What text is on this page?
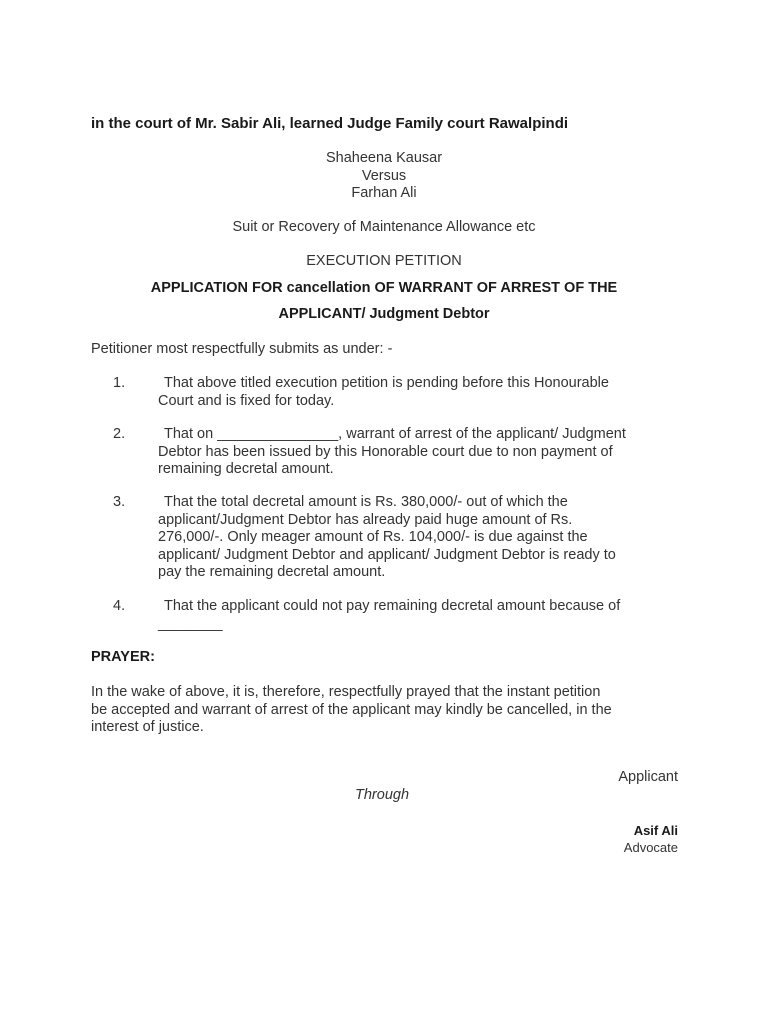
in the court of Mr. Sabir Ali, learned Judge Family court Rawalpindi
Shaheena Kausar
Versus
Farhan Ali
Suit or Recovery of Maintenance Allowance etc
EXECUTION PETITION
APPLICATION FOR cancellation OF WARRANT OF ARREST OF THE
APPLICANT/ Judgment Debtor
Petitioner most respectfully submits as under: -
1.	That above titled execution petition is pending before this Honourable
Court and is fixed for today.
2.	That on _______________, warrant of arrest of the applicant/ Judgment
Debtor has been issued by this Honorable court due to non payment of
remaining decretal amount.
3.	That the total decretal amount is Rs. 380,000/- out of which the
applicant/Judgment Debtor has already paid huge amount of Rs.
276,000/-. Only meager amount of Rs. 104,000/- is due against the
applicant/ Judgment Debtor and applicant/ Judgment Debtor is ready to
pay the remaining decretal amount.
4.	That the applicant could not pay remaining decretal amount because of
________
PRAYER:
In the wake of above, it is, therefore, respectfully prayed that the instant petition
be accepted and warrant of arrest of the applicant may kindly be cancelled, in the
interest of justice.
Applicant
Through
Asif Ali
Advocate
